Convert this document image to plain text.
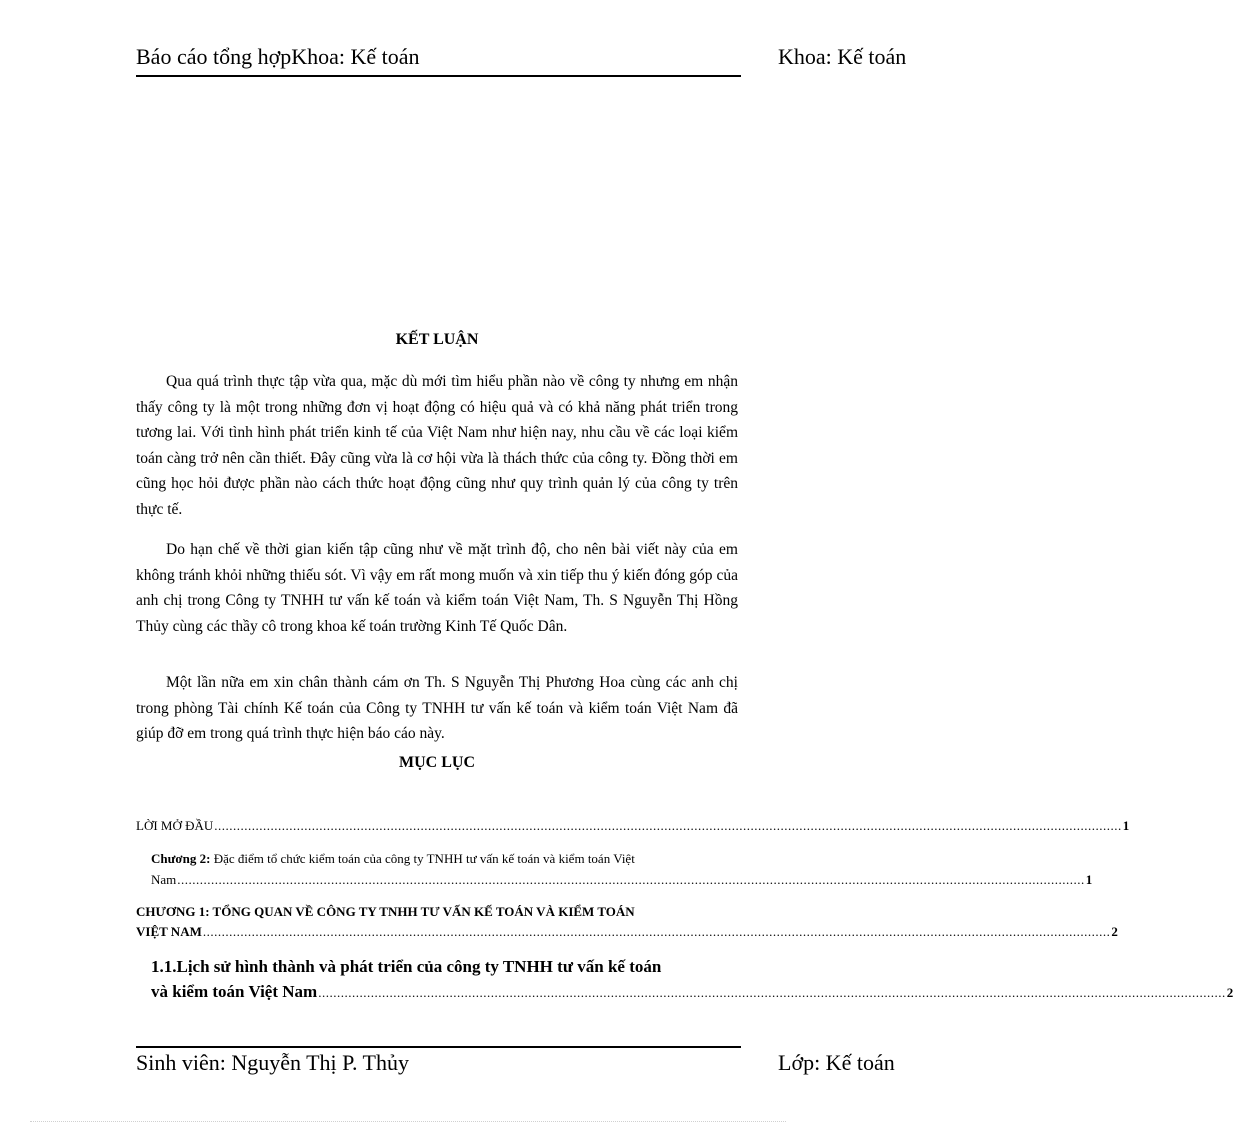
Báo cáo tổng hợpKhoa: Kế toán	Khoa: Kế toán
KẾT LUẬN

Qua quá trình thực tập vừa qua, mặc dù mới tìm hiểu phần nào về công ty nhưng em nhận thấy công ty là một trong những đơn vị hoạt động có hiệu quả và có khả năng phát triển trong tương lai. Với tình hình phát triển kinh tế của Việt Nam như hiện nay, nhu cầu về các loại kiểm toán càng trở nên cần thiết. Đây cũng vừa là cơ hội vừa là thách thức của công ty. Đồng thời em cũng học hỏi được phần nào cách thức hoạt động cũng như quy trình quản lý của công ty trên thực tế.

Do hạn chế về thời gian kiến tập cũng như về mặt trình độ, cho nên bài viết này của em không tránh khỏi những thiếu sót. Vì vậy em rất mong muốn và xin tiếp thu ý kiến đóng góp của anh chị trong Công ty TNHH tư vấn kế toán và kiểm toán Việt Nam, Th. S Nguyễn Thị Hồng Thủy cùng các thầy cô trong khoa kế toán trường Kinh Tế Quốc Dân.

Một lần nữa em xin chân thành cám ơn Th. S Nguyễn Thị Phương Hoa cùng các anh chị trong phòng Tài chính Kế toán của Công ty TNHH tư vấn kế toán và kiểm toán Việt Nam đã giúp đỡ em trong quá trình thực hiện báo cáo này.

MỤC LỤC
LỜI MỞ ĐẦU .....	1
Chương 2: Đặc điểm tổ chức kiểm toán của công ty TNHH tư vấn kế toán và kiểm toán Việt
Nam .....	1
CHƯƠNG 1: TỔNG QUAN VỀ CÔNG TY TNHH TƯ VẤN KẾ TOÁN VÀ KIỂM TOÁN
VIỆT NAM .....	2
1.1.Lịch sử hình thành và phát triển của công ty TNHH tư vấn kế toán
và kiểm toán Việt Nam .....	2
Sinh viên: Nguyễn Thị P. Thủy	Lớp: Kế toán
